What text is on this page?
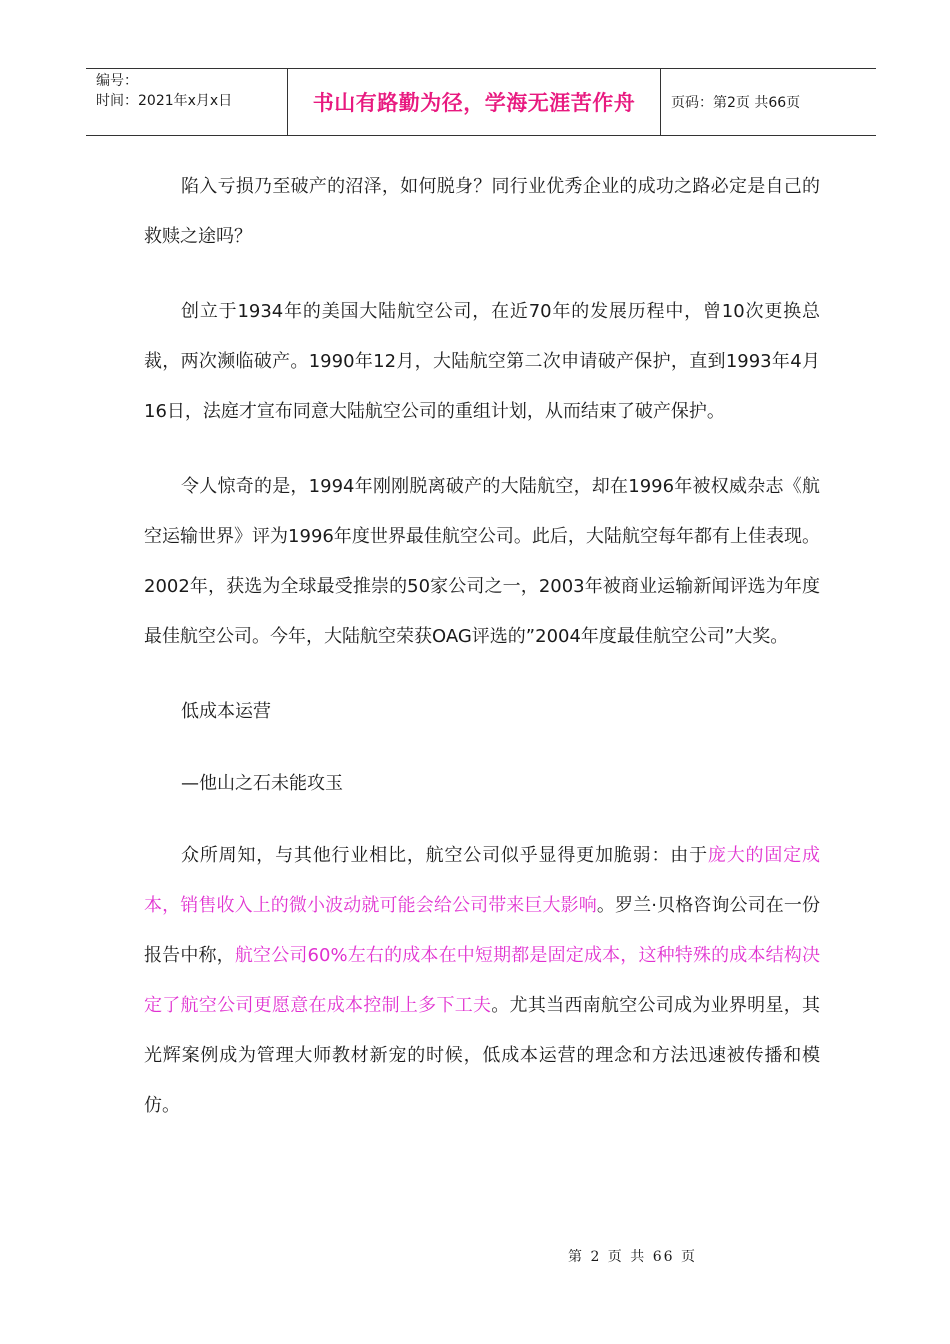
编号：
时间：2021年x月x日	书山有路勤为径，学海无涯苦作舟	页码：第2页 共66页

陷入亏损乃至破产的沼泽，如何脱身？同行业优秀企业的成功之路必定是自己的救赎之途吗？

创立于1934年的美国大陆航空公司，在近70年的发展历程中，曾10次更换总裁，两次濒临破产。1990年12月，大陆航空第二次申请破产保护，直到1993年4月16日，法庭才宣布同意大陆航空公司的重组计划，从而结束了破产保护。

令人惊奇的是，1994年刚刚脱离破产的大陆航空，却在1996年被权威杂志《航空运输世界》评为1996年度世界最佳航空公司。此后，大陆航空每年都有上佳表现。2002年，获选为全球最受推崇的50家公司之一，2003年被商业运输新闻评选为年度最佳航空公司。今年，大陆航空荣获OAG评选的”2004年度最佳航空公司”大奖。

低成本运营

—他山之石未能攻玉

众所周知，与其他行业相比，航空公司似乎显得更加脆弱：由于庞大的固定成本，销售收入上的微小波动就可能会给公司带来巨大影响。罗兰·贝格咨询公司在一份报告中称，航空公司60%左右的成本在中短期都是固定成本，这种特殊的成本结构决定了航空公司更愿意在成本控制上多下工夫。尤其当西南航空公司成为业界明星，其光辉案例成为管理大师教材新宠的时候，低成本运营的理念和方法迅速被传播和模仿。

第 2 页 共 66 页
